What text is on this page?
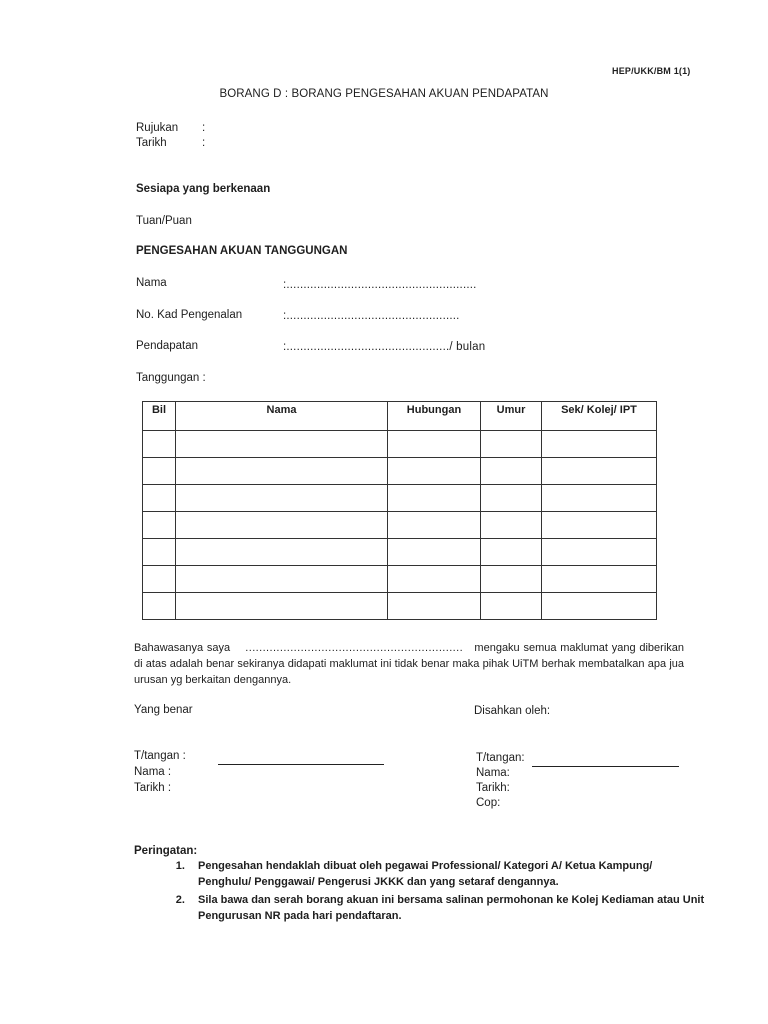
HEP/UKK/BM 1(1)
BORANG D : BORANG PENGESAHAN AKUAN PENDAPATAN
Rujukan :
Tarikh	:
Sesiapa yang berkenaan
Tuan/Puan
PENGESAHAN AKUAN TANGGUNGAN
Nama	:........................................................
No. Kad Pengenalan	:...................................................
Pendapatan	:................................................/ bulan
Tanggungan :
Bil	Nama	Hubungan	Umur	Sek/ Kolej/ IPT

Bahawasanya saya ............................................................... mengaku semua maklumat yang diberikan di atas adalah benar sekiranya didapati maklumat ini tidak benar maka pihak UiTM berhak membatalkan apa jua urusan yg berkaitan dengannya.
Yang benar
T/tangan :
Nama :
Tarikh :
Disahkan oleh:
T/tangan:
Nama:
Tarikh:
Cop:
Peringatan:
1. Pengesahan hendaklah dibuat oleh pegawai Professional/ Kategori A/ Ketua Kampung/ Penghulu/ Penggawai/ Pengerusi JKKK dan yang setaraf dengannya.
2. Sila bawa dan serah borang akuan ini bersama salinan permohonan ke Kolej Kediaman atau Unit Pengurusan NR pada hari pendaftaran.
